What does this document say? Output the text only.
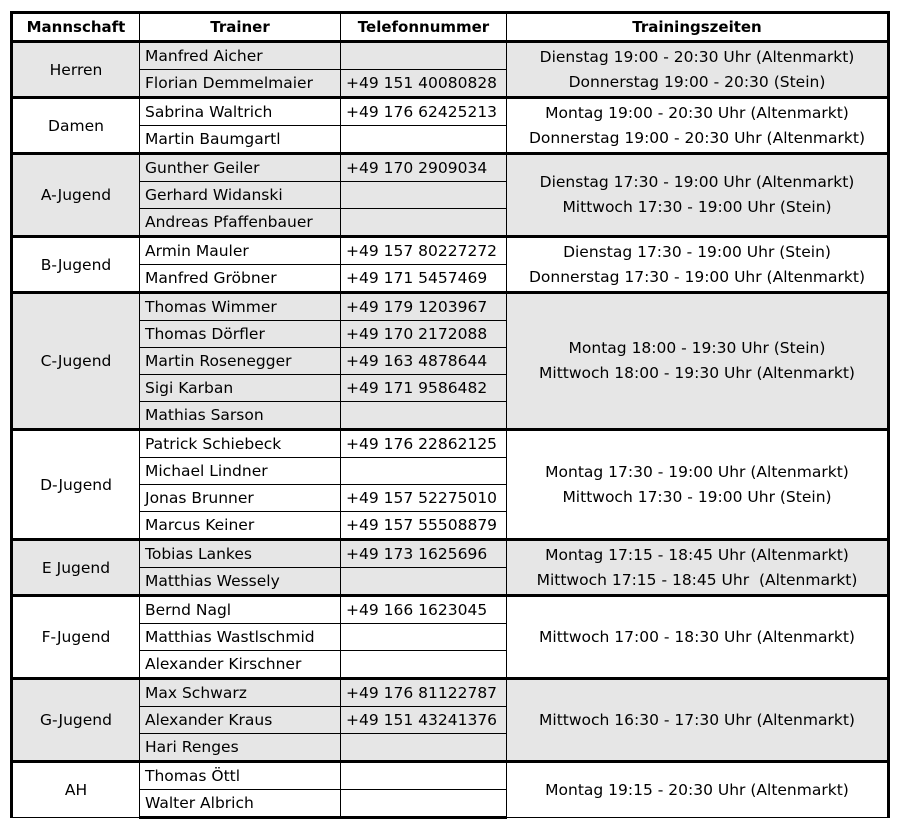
Mannschaft	Trainer	Telefonnummer	Trainingszeiten
Herren	Manfred Aicher		Dienstag 19:00 - 20:30 Uhr (Altenmarkt)
Donnerstag 19:00 - 20:30 (Stein)

	Florian Demmelmaier	+49 151 40080828	
Damen	Sabrina Waltrich	+49 176 62425213	Montag 19:00 - 20:30 Uhr (Altenmarkt)
Donnerstag 19:00 - 20:30 Uhr (Altenmarkt)

	Martin Baumgartl		
A-Jugend	Gunther Geiler	+49 170 2909034	Dienstag 17:30 - 19:00 Uhr (Altenmarkt)
Mittwoch 17:30 - 19:00 Uhr (Stein)

	Gerhard Widanski		
	Andreas Pfaffenbauer		
B-Jugend	Armin Mauler	+49 157 80227272	Dienstag 17:30 - 19:00 Uhr (Stein)
Donnerstag 17:30 - 19:00 Uhr (Altenmarkt)

	Manfred Gröbner	+49 171 5457469	
C-Jugend	Thomas Wimmer	+49 179 1203967	Montag 18:00 - 19:30 Uhr (Stein)
Mittwoch 18:00 - 19:30 Uhr (Altenmarkt)

	Thomas Dörfler	+49 170 2172088	
	Martin Rosenegger	+49 163 4878644	
	Sigi Karban	+49 171 9586482	
	Mathias Sarson		
D-Jugend	Patrick Schiebeck	+49 176 22862125	Montag 17:30 - 19:00 Uhr (Altenmarkt)
Mittwoch 17:30 - 19:00 Uhr (Stein)

	Michael Lindner		
	Jonas Brunner	+49 157 52275010	
	Marcus Keiner	+49 157 55508879	
E Jugend	Tobias Lankes	+49 173 1625696	Montag 17:15 - 18:45 Uhr (Altenmarkt)
Mittwoch 17:15 - 18:45 Uhr  (Altenmarkt)

	Matthias Wessely		
F-Jugend	Bernd Nagl	+49 166 1623045	Mittwoch 17:00 - 18:30 Uhr (Altenmarkt)

	Matthias Wastlschmid		
	Alexander Kirschner		
G-Jugend	Max Schwarz	+49 176 81122787	Mittwoch 16:30 - 17:30 Uhr (Altenmarkt)

	Alexander Kraus	+49 151 43241376	
	Hari Renges		
AH	Thomas Öttl		Montag 19:15 - 20:30 Uhr (Altenmarkt)

	Walter Albrich		
